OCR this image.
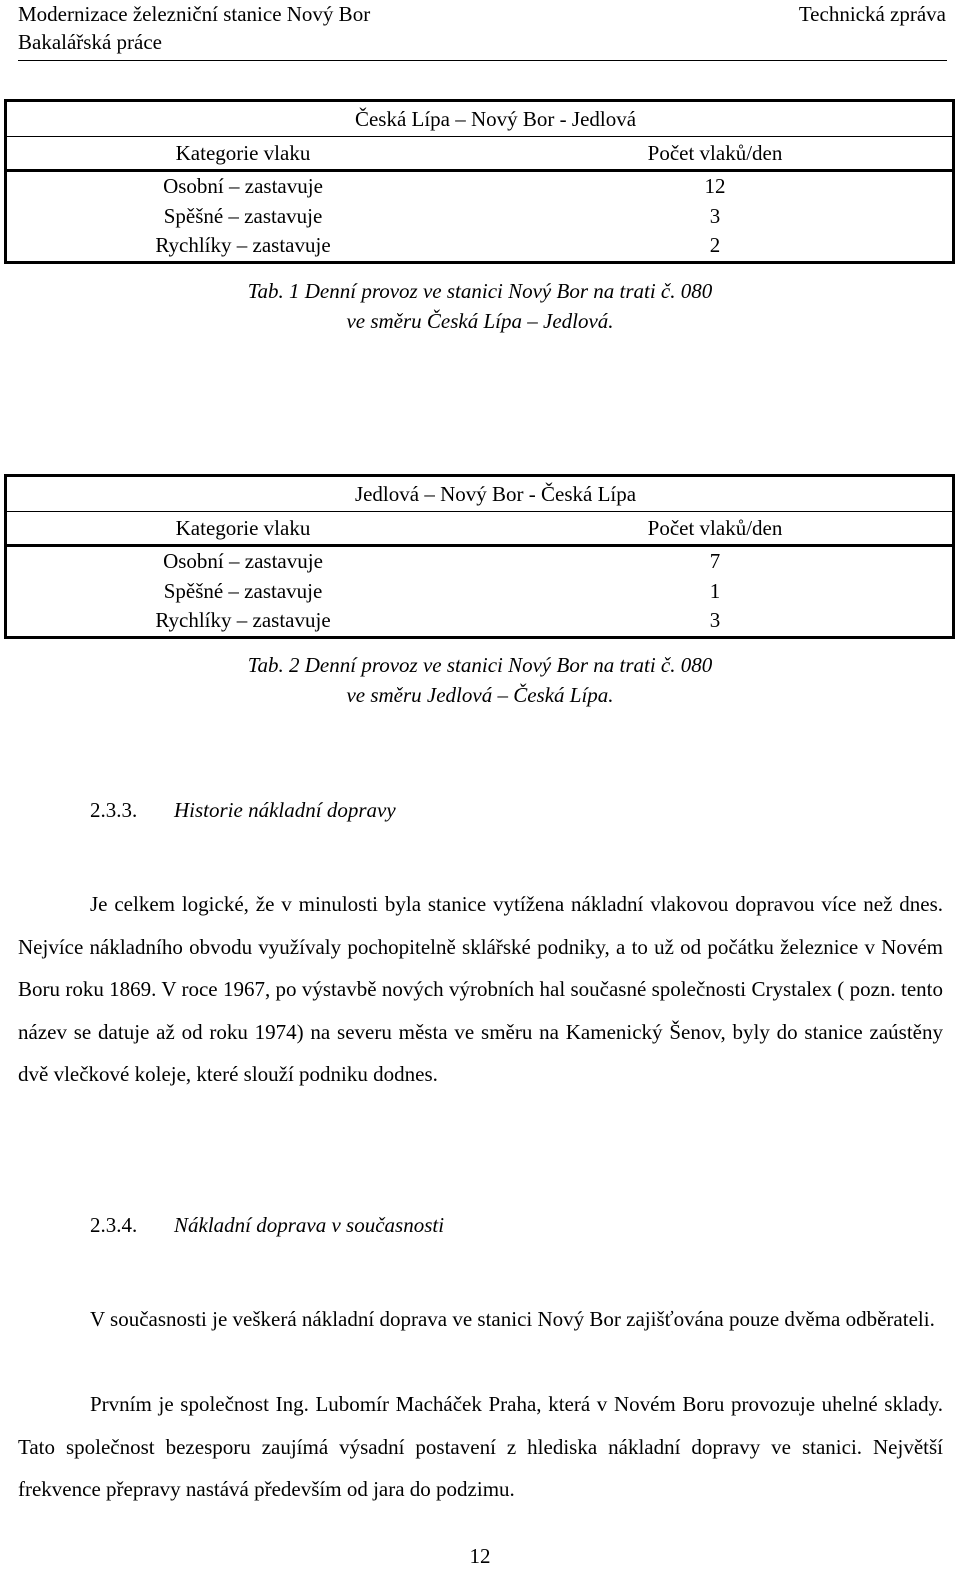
Modernizace železniční stanice Nový Bor
Bakalářská práce
Technická zpráva
Česká Lípa – Nový Bor - Jedlová
Kategorie vlaku	Počet vlaků/den
Osobní – zastavuje	12
Spěšné – zastavuje	3
Rychlíky – zastavuje	2
Tab. 1 Denní provoz ve stanici Nový Bor na trati č. 080
ve směru Česká Lípa – Jedlová.
Jedlová – Nový Bor - Česká Lípa
Kategorie vlaku	Počet vlaků/den
Osobní – zastavuje	7
Spěšné – zastavuje	1
Rychlíky – zastavuje	3
Tab. 2 Denní provoz ve stanici Nový Bor na trati č. 080
ve směru Jedlová – Česká Lípa.
2.3.3. Historie nákladní dopravy

Je celkem logické, že v minulosti byla stanice vytížena nákladní vlakovou dopravou více než dnes. Nejvíce nákladního obvodu využívaly pochopitelně sklářské podniky, a to už od počátku železnice v Novém Boru roku 1869. V roce 1967, po výstavbě nových výrobních hal současné společnosti Crystalex ( pozn. tento název se datuje až od roku 1974) na severu města ve směru na Kamenický Šenov, byly do stanice zaústěny dvě vlečkové koleje, které slouží podniku dodnes.

2.3.4. Nákladní doprava v současnosti

V současnosti je veškerá nákladní doprava ve stanici Nový Bor zajišťována pouze dvěma odběrateli.

Prvním je společnost Ing. Lubomír Macháček Praha, která v Novém Boru provozuje uhelné sklady. Tato společnost bezesporu zaujímá výsadní postavení z hlediska nákladní dopravy ve stanici. Největší frekvence přepravy nastává především od jara do podzimu.

12
